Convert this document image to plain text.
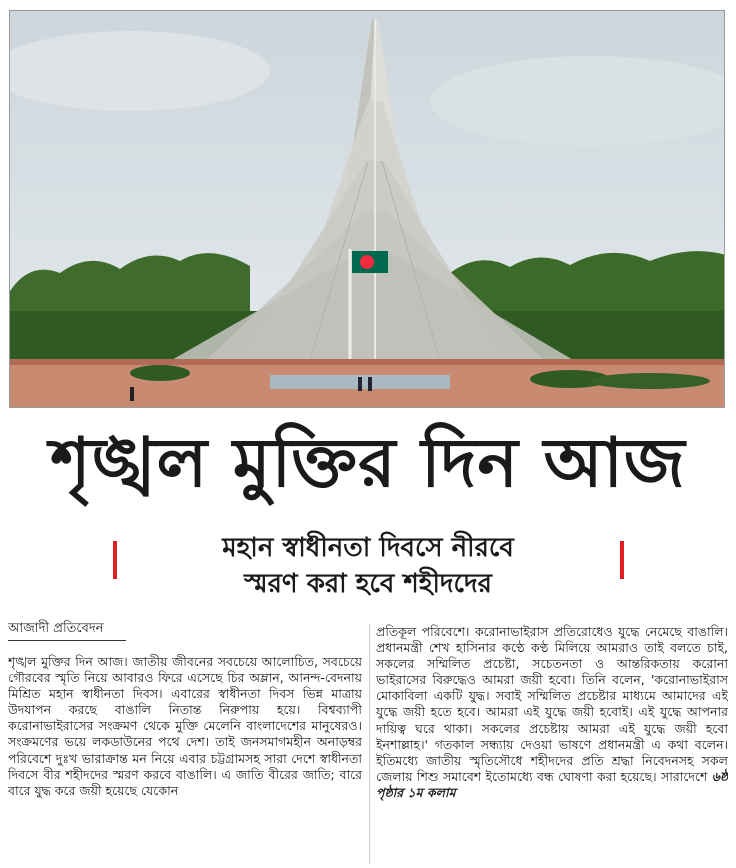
শৃঙ্খল মুক্তির দিন আজ
মহান স্বাধীনতা দিবসে নীরবে
স্মরণ করা হবে শহীদদের
আজাদী প্রতিবেদন

শৃঙ্খল মুক্তির দিন আজ। জাতীয় জীবনের সবচেয়ে আলোচিত, সবচেয়ে গৌরবের স্মৃতি নিয়ে আবারও ফিরে এসেছে চির অম্লান, আনন্দ-বেদনায় মিশ্রিত মহান স্বাধীনতা দিবস। এবারের স্বাধীনতা দিবস ভিন্ন মাত্রায় উদযাপন করছে বাঙালি নিতান্ত নিরুপায় হয়ে। বিশ্বব্যাপী করোনাভাইরাসের সংক্রমণ থেকে মুক্তি মেলেনি বাংলাদেশের মানুষেরও। সংক্রমণের ভয়ে লকডাউনের পথে দেশ। তাই জনসমাগমহীন অনাড়ম্বর পরিবেশে দুঃখ ভারাক্রান্ত মন নিয়ে এবার চট্টগ্রামসহ সারা দেশে স্বাধীনতা দিবসে বীর শহীদদের স্মরণ করবে বাঙালি। এ জাতি বীরের জাতি; বারে বারে যুদ্ধ করে জয়ী হয়েছে যেকোন

প্রতিকূল পরিবেশে। করোনাভাইরাস প্রতিরোধেও যুদ্ধে নেমেছে বাঙালি। প্রধানমন্ত্রী শেখ হাসিনার কণ্ঠে কণ্ঠ মিলিয়ে আমরাও তাই বলতে চাই, সকলের সম্মিলিত প্রচেষ্টা, সচেতনতা ও আন্তরিকতায় করোনা ভাইরাসের বিরুদ্ধেও আমরা জয়ী হবো। তিনি বলেন, 'করোনাভাইরাস মোকাবিলা একটি যুদ্ধ। সবাই সম্মিলিত প্রচেষ্টার মাধ্যমে আমাদের এই যুদ্ধে জয়ী হতে হবে। আমরা এই যুদ্ধে জয়ী হবোই। এই যুদ্ধে আপনার দায়িত্ব ঘরে থাকা। সকলের প্রচেষ্টায় আমরা এই যুদ্ধে জয়ী হবো ইনশাল্লাহ।' গতকাল সন্ধ্যায় দেওয়া ভাষণে প্রধানমন্ত্রী এ কথা বলেন। ইতিমধ্যে জাতীয় স্মৃতিসৌধে শহীদদের প্রতি শ্রদ্ধা নিবেদনসহ সকল জেলায় শিশু সমাবেশ ইতোমধ্যে বন্ধ ঘোষণা করা হয়েছে। সারাদেশে ৬ষ্ঠ পৃষ্ঠার ১ম কলাম
